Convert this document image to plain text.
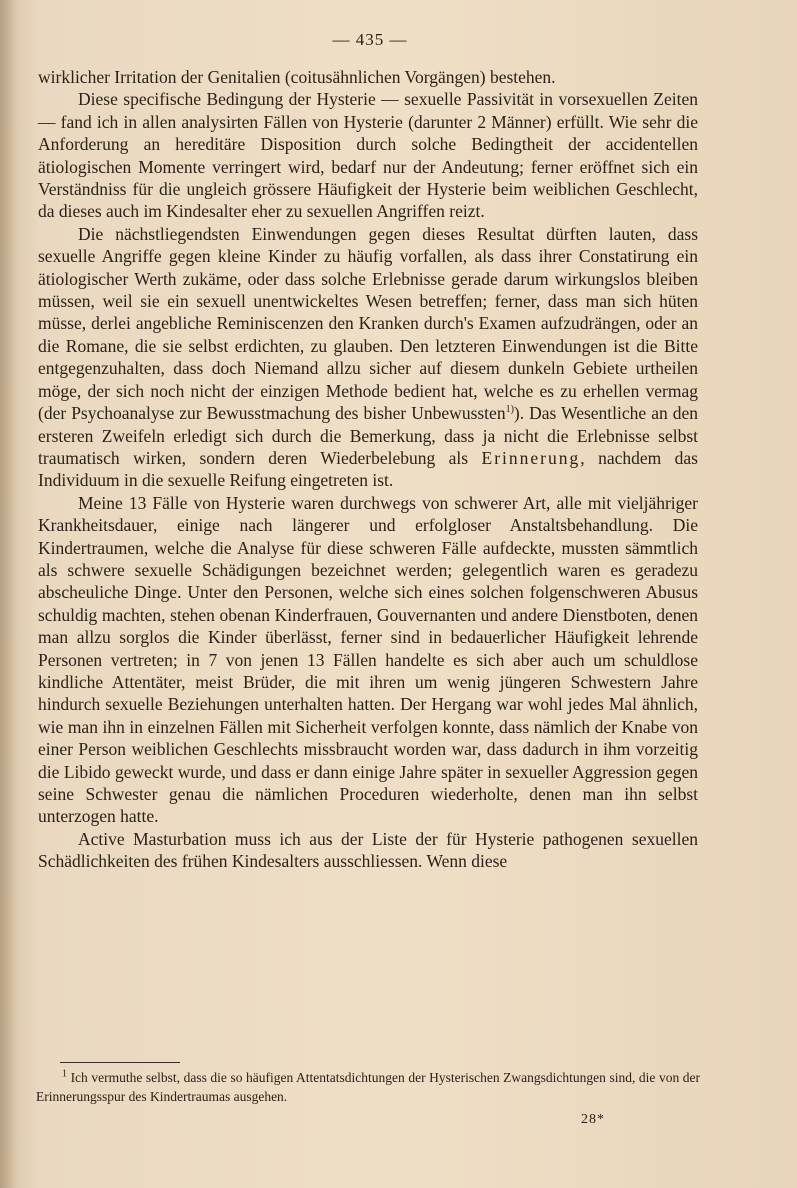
— 435 —

wirklicher Irritation der Genitalien (coitusähnlichen Vorgängen) bestehen.

Diese specifische Bedingung der Hysterie — sexuelle Passivität in vorsexuellen Zeiten — fand ich in allen analysirten Fällen von Hysterie (darunter 2 Männer) erfüllt. Wie sehr die Anforderung an hereditäre Disposition durch solche Bedingtheit der accidentellen ätiologischen Momente verringert wird, bedarf nur der Andeutung; ferner eröffnet sich ein Verständniss für die ungleich grössere Häufigkeit der Hysterie beim weiblichen Geschlecht, da dieses auch im Kindesalter eher zu sexuellen Angriffen reizt.

Die nächstliegendsten Einwendungen gegen dieses Resultat dürften lauten, dass sexuelle Angriffe gegen kleine Kinder zu häufig vorfallen, als dass ihrer Constatirung ein ätiologischer Werth zukäme, oder dass solche Erlebnisse gerade darum wirkungslos bleiben müssen, weil sie ein sexuell unentwickeltes Wesen betreffen; ferner, dass man sich hüten müsse, derlei angebliche Reminiscenzen den Kranken durch's Examen aufzudrängen, oder an die Romane, die sie selbst erdichten, zu glauben. Den letzteren Einwendungen ist die Bitte entgegenzuhalten, dass doch Niemand allzu sicher auf diesem dunkeln Gebiete urtheilen möge, der sich noch nicht der einzigen Methode bedient hat, welche es zu erhellen vermag (der Psychoanalyse zur Bewusstmachung des bisher Unbewussten$^{1)}$). Das Wesentliche an den ersteren Zweifeln erledigt sich durch die Bemerkung, dass ja nicht die Erlebnisse selbst traumatisch wirken, sondern deren Wiederbelebung als Erinnerung, nachdem das Individuum in die sexuelle Reifung eingetreten ist.

Meine 13 Fälle von Hysterie waren durchwegs von schwerer Art, alle mit vieljähriger Krankheitsdauer, einige nach längerer und erfolgloser Anstaltsbehandlung. Die Kindertraumen, welche die Analyse für diese schweren Fälle aufdeckte, mussten sämmtlich als schwere sexuelle Schädigungen bezeichnet werden; gelegentlich waren es geradezu abscheuliche Dinge. Unter den Personen, welche sich eines solchen folgenschweren Abusus schuldig machten, stehen obenan Kinderfrauen, Gouvernanten und andere Dienstboten, denen man allzu sorglos die Kinder überlässt, ferner sind in bedauerlicher Häufigkeit lehrende Personen vertreten; in 7 von jenen 13 Fällen handelte es sich aber auch um schuldlose kindliche Attentäter, meist Brüder, die mit ihren um wenig jüngeren Schwestern Jahre hindurch sexuelle Beziehungen unterhalten hatten. Der Hergang war wohl jedes Mal ähnlich, wie man ihn in einzelnen Fällen mit Sicherheit verfolgen konnte, dass nämlich der Knabe von einer Person weiblichen Geschlechts missbraucht worden war, dass dadurch in ihm vorzeitig die Libido geweckt wurde, und dass er dann einige Jahre später in sexueller Aggression gegen seine Schwester genau die nämlichen Proceduren wiederholte, denen man ihn selbst unterzogen hatte.

Active Masturbation muss ich aus der Liste der für Hysterie pathogenen sexuellen Schädlichkeiten des frühen Kindesalters ausschliessen. Wenn diese

$^1$ Ich vermuthe selbst, dass die so häufigen Attentatsdichtungen der Hysterischen Zwangsdichtungen sind, die von der Erinnerungsspur des Kindertraumas ausgehen.
28*
